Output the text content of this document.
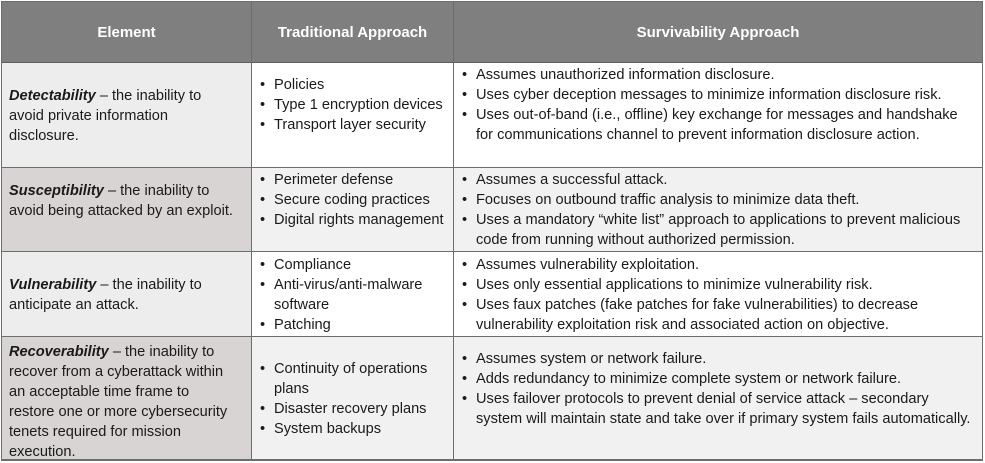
Element	Traditional Approach	Survivability Approach
Detectability – the inability to avoid private information disclosure.
• Policies
• Type 1 encryption devices
• Transport layer security
• Assumes unauthorized information disclosure.
• Uses cyber deception messages to minimize information disclosure risk.
• Uses out-of-band (i.e., offline) key exchange for messages and handshake for communications channel to prevent information disclosure action.
Susceptibility – the inability to avoid being attacked by an exploit.
• Perimeter defense
• Secure coding practices
• Digital rights management
• Assumes a successful attack.
• Focuses on outbound traffic analysis to minimize data theft.
• Uses a mandatory “white list” approach to applications to prevent malicious code from running without authorized permission.
Vulnerability – the inability to anticipate an attack.
• Compliance
• Anti-virus/anti-malware software
• Patching
• Assumes vulnerability exploitation.
• Uses only essential applications to minimize vulnerability risk.
• Uses faux patches (fake patches for fake vulnerabilities) to decrease vulnerability exploitation risk and associated action on objective.
Recoverability – the inability to recover from a cyberattack within an acceptable time frame to restore one or more cybersecurity tenets required for mission execution.
• Continuity of operations plans
• Disaster recovery plans
• System backups
• Assumes system or network failure.
• Adds redundancy to minimize complete system or network failure.
• Uses failover protocols to prevent denial of service attack – secondary system will maintain state and take over if primary system fails automatically.
